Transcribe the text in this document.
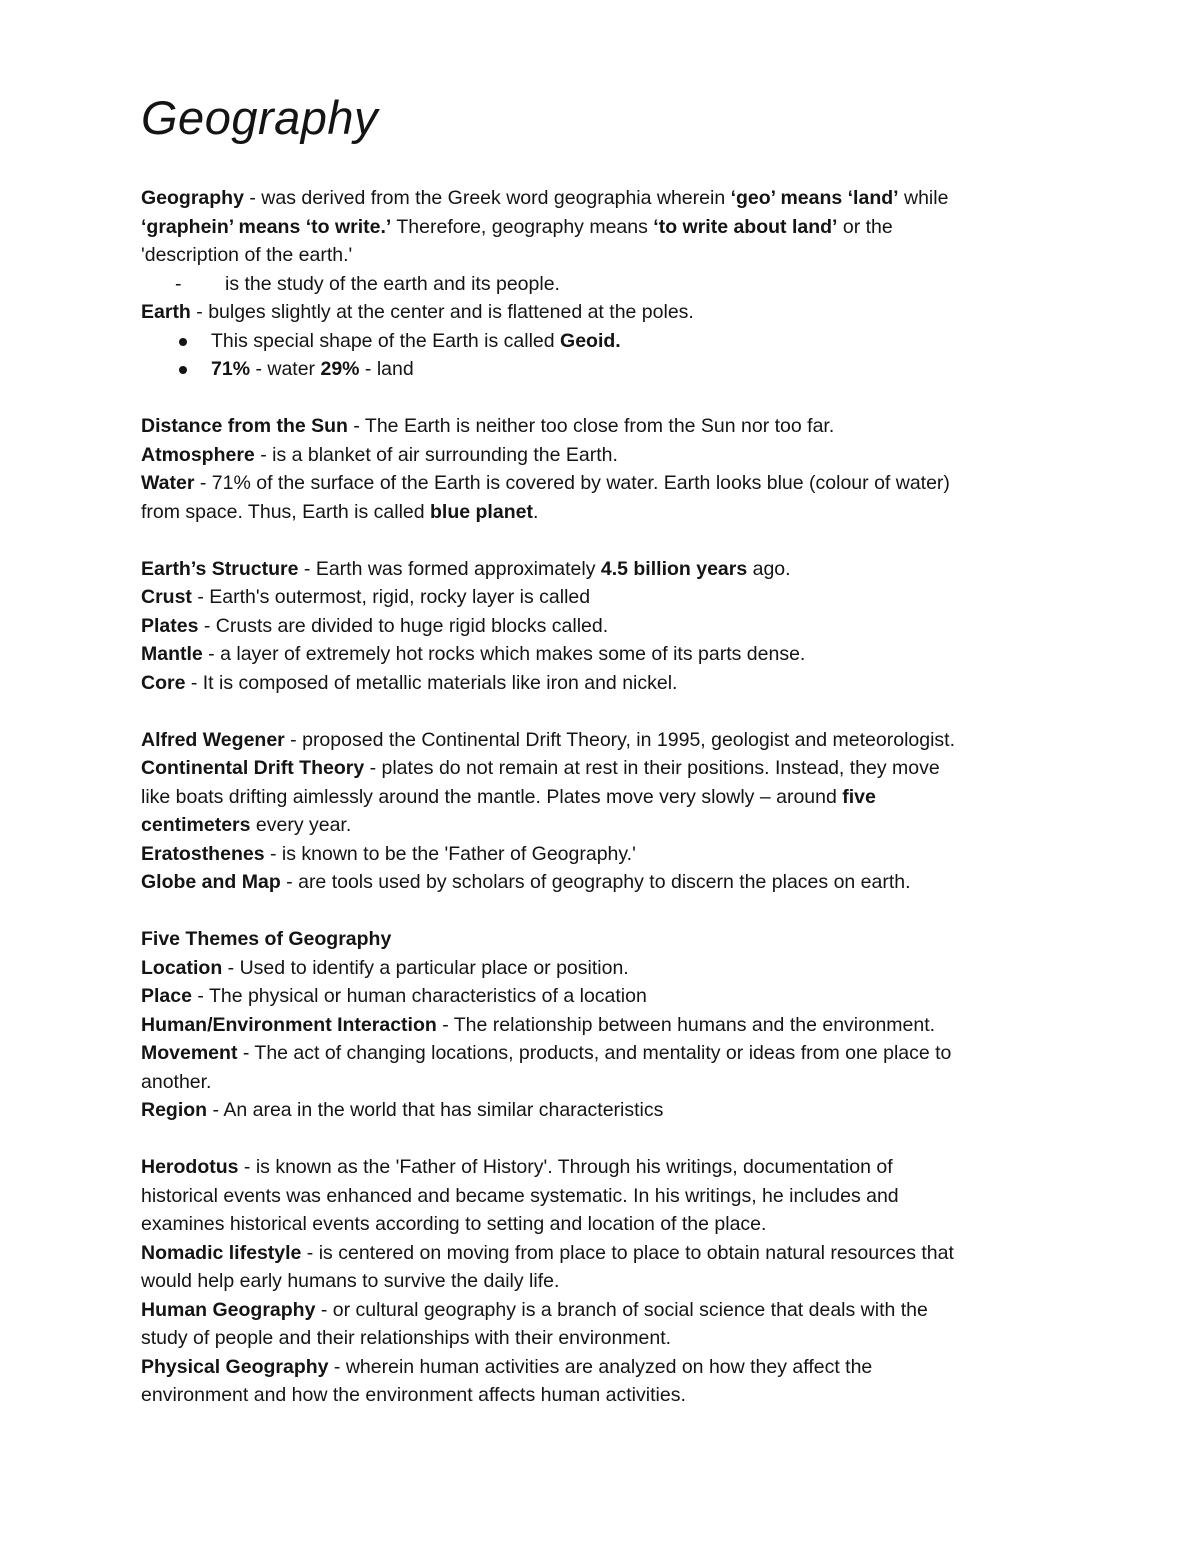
Geography
Geography - was derived from the Greek word geographia wherein ‘geo’ means ‘land’ while
‘graphein’ means ‘to write.’ Therefore, geography means ‘to write about land’ or the
'description of the earth.'
- is the study of the earth and its people.
Earth - bulges slightly at the center and is flattened at the poles.
This special shape of the Earth is called Geoid.
71% - water 29% - land
Distance from the Sun - The Earth is neither too close from the Sun nor too far.
Atmosphere - is a blanket of air surrounding the Earth.
Water - 71% of the surface of the Earth is covered by water. Earth looks blue (colour of water)
from space. Thus, Earth is called blue planet.
Earth’s Structure - Earth was formed approximately 4.5 billion years ago.
Crust - Earth's outermost, rigid, rocky layer is called
Plates - Crusts are divided to huge rigid blocks called.
Mantle - a layer of extremely hot rocks which makes some of its parts dense.
Core - It is composed of metallic materials like iron and nickel.
Alfred Wegener - proposed the Continental Drift Theory, in 1995, geologist and meteorologist.
Continental Drift Theory - plates do not remain at rest in their positions. Instead, they move
like boats drifting aimlessly around the mantle. Plates move very slowly – around five
centimeters every year.
Eratosthenes - is known to be the 'Father of Geography.'
Globe and Map - are tools used by scholars of geography to discern the places on earth.
Five Themes of Geography
Location - Used to identify a particular place or position.
Place - The physical or human characteristics of a location
Human/Environment Interaction - The relationship between humans and the environment.
Movement - The act of changing locations, products, and mentality or ideas from one place to
another.
Region - An area in the world that has similar characteristics
Herodotus - is known as the 'Father of History'. Through his writings, documentation of
historical events was enhanced and became systematic. In his writings, he includes and
examines historical events according to setting and location of the place.
Nomadic lifestyle - is centered on moving from place to place to obtain natural resources that
would help early humans to survive the daily life.
Human Geography - or cultural geography is a branch of social science that deals with the
study of people and their relationships with their environment.
Physical Geography - wherein human activities are analyzed on how they affect the
environment and how the environment affects human activities.
